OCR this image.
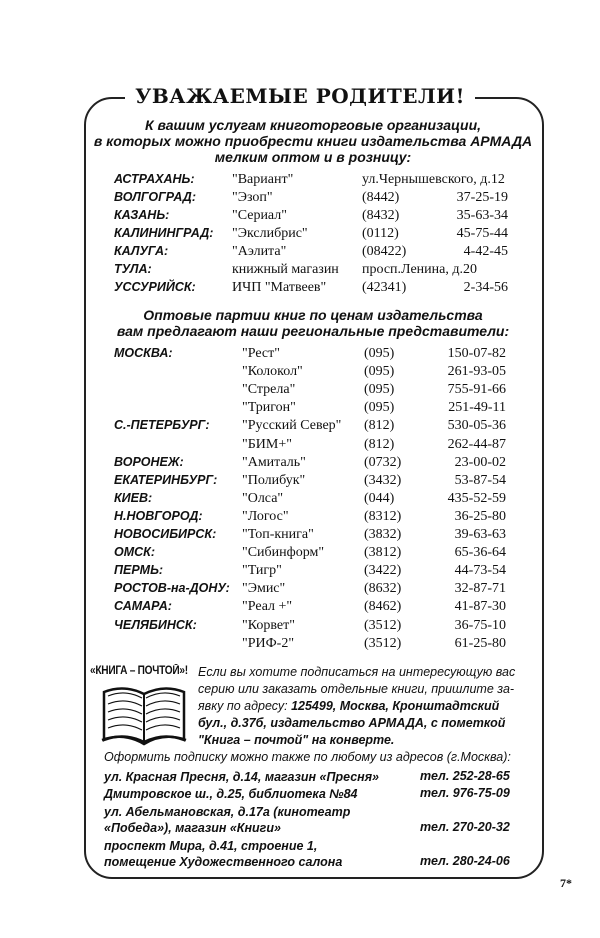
УВАЖАЕМЫЕ РОДИТЕЛИ!
К вашим услугам книготорговые организации,
в которых можно приобрести книги издательства АРМАДА
мелким оптом и в розницу:
АСТРАХАНЬ:	"Вариант"	ул.Чернышевского, д.12
ВОЛГОГРАД:	"Эзоп"	(8442)	37-25-19
КАЗАНЬ:	"Сериал"	(8432)	35-63-34
КАЛИНИНГРАД: "Экслибрис"	(0112)	45-75-44
КАЛУГА:	"Аэлита"	(08422)	4-42-45
ТУЛА:	книжный магазин просп.Ленина, д.20
УССУРИЙСК:	ИЧП "Матвеев"	(42341)	2-34-56
Оптовые партии книг по ценам издательства
вам предлагают наши региональные представители:
МОСКВА:	"Рест"	(095)	150-07-82
"Колокол"	(095)	261-93-05
"Стрела"	(095)	755-91-66
"Тригон"	(095)	251-49-11
С.-ПЕТЕРБУРГ: "Русский Север" (812)	530-05-36
"БИМ+"	(812)	262-44-87
ВОРОНЕЖ:	"Амиталь"	(0732)	23-00-02
ЕКАТЕРИНБУРГ: "Полибук"	(3432)	53-87-54
КИЕВ:	"Олса"	(044)	435-52-59
Н.НОВГОРОД:	"Логос"	(8312)	36-25-80
НОВОСИБИРСК: "Топ-книга"	(3832)	39-63-63
ОМСК:	"Сибинформ"	(3812)	65-36-64
ПЕРМЬ:	"Тигр"	(3422)	44-73-54
РОСТОВ-на-ДОНУ: "Эмис"	(8632)	32-87-71
САМАРА:	"Реал +"	(8462)	41-87-30
ЧЕЛЯБИНСК:	"Корвет"	(3512)	36-75-10
"РИФ-2"	(3512)	61-25-80
«КНИГА – ПОЧТОЙ»! Если вы хотите подписаться на интересующую вас
серию или заказать отдельные книги, пришлите за-
явку по адресу: 125499, Москва, Кронштадтский
бул., д.37б, издательство АРМАДА, с пометкой
"Книга – почтой" на конверте.
Оформить подписку можно также по любому из адресов (г.Москва):
ул. Красная Пресня, д.14, магазин «Пресня»	тел. 252-28-65
Дмитровское ш., д.25, библиотека №84	тел. 976-75-09
ул. Абельмановская, д.17а (кинотеатр
«Победа»), магазин «Книги»	тел. 270-20-32
проспект Мира, д.41, строение 1,
помещение Художественного салона	тел. 280-24-06
7*
